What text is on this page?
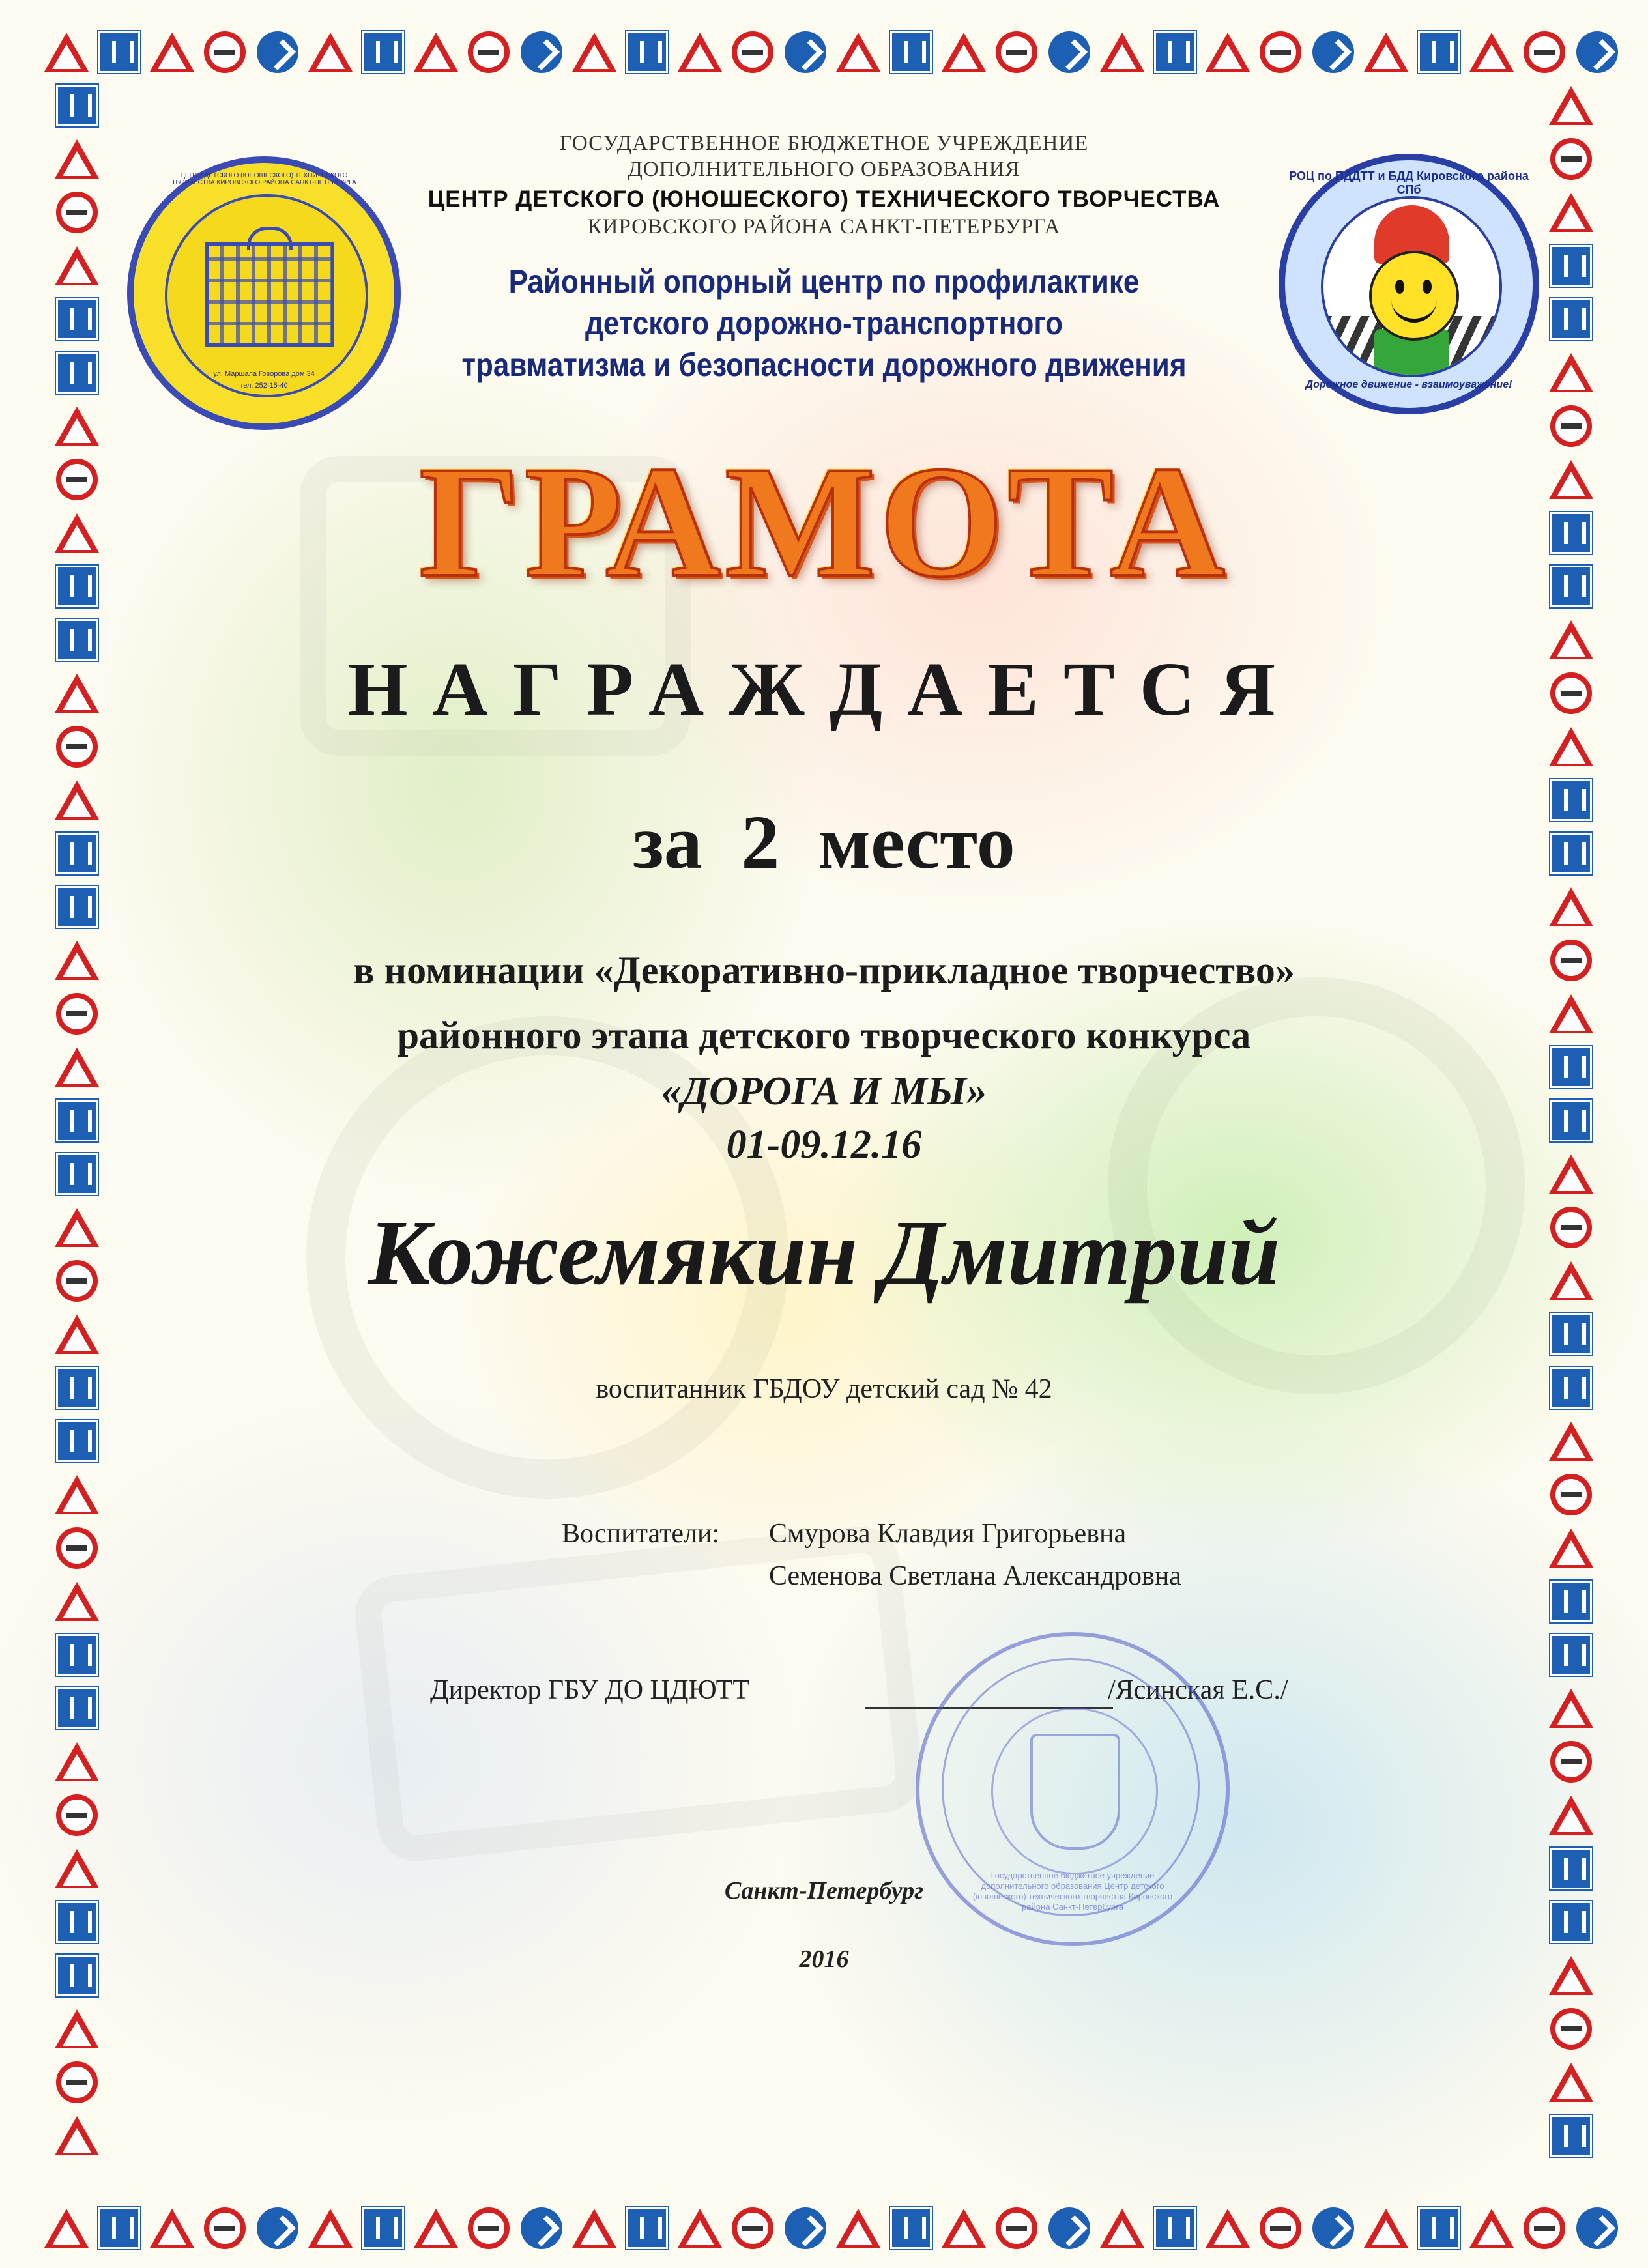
ул. Маршала Говорова дом 34
тел. 252-15-40
ЦЕНТР ДЕТСКОГО (ЮНОШЕСКОГО) ТЕХНИЧЕСКОГО ТВОРЧЕСТВА КИРОВСКОГО РАЙОНА САНКТ-ПЕТЕРБУРГА
РОЦ по ПДДТТ и БДД Кировского района СПб
Дорожное движение - взаимоуважение!
ГОСУДАРСТВЕННОЕ БЮДЖЕТНОЕ УЧРЕЖДЕНИЕ
ДОПОЛНИТЕЛЬНОГО ОБРАЗОВАНИЯ
ЦЕНТР ДЕТСКОГО (ЮНОШЕСКОГО) ТЕХНИЧЕСКОГО ТВОРЧЕСТВА
КИРОВСКОГО РАЙОНА САНКТ-ПЕТЕРБУРГА
Районный опорный центр по профилактике
детского дорожно-транспортного
травматизма и безопасности дорожного движения
ГРАМОТА
НАГРАЖДАЕТСЯ
за 2 место
в номинации «Декоративно-прикладное творчество»
районного этапа детского творческого конкурса
«ДОРОГА И МЫ»
01-09.12.16
Кожемякин Дмитрий
воспитанник ГБДОУ детский сад № 42
Воспитатели: Смурова Клавдия Григорьевна
Семенова Светлана Александровна
Директор ГБУ ДО ЦДЮТТ	/Ясинская Е.С./
Государственное бюджетное учреждение дополнительного образования Центр детского (юношеского) технического творчества Кировского района Санкт-Петербурга
Санкт-Петербург
2016
